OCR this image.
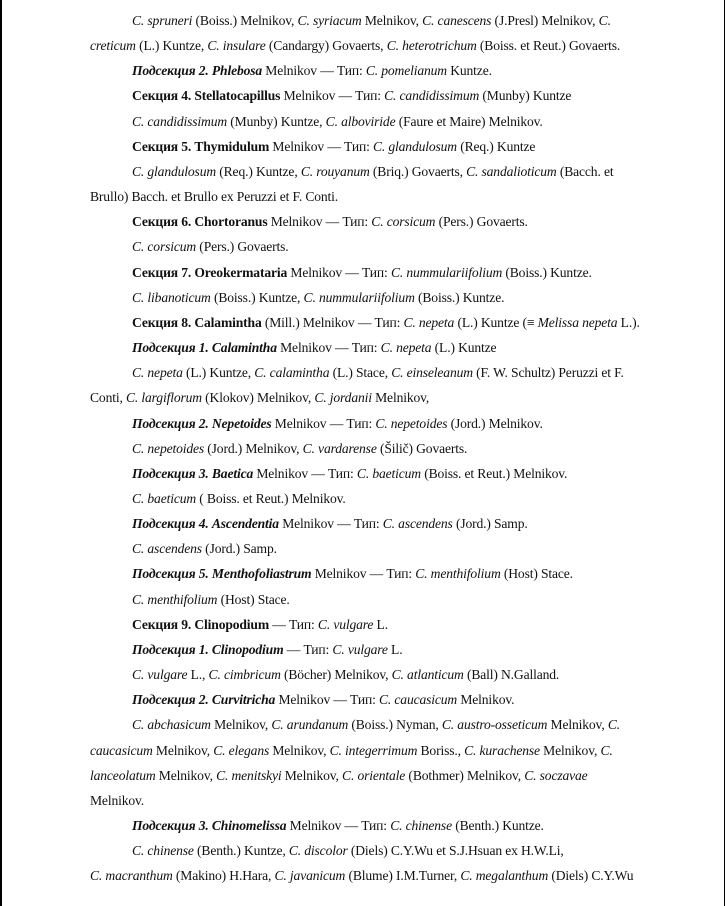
C. spruneri (Boiss.) Melnikov, C. syriacum Melnikov, C. canescens (J.Presl) Melnikov, C.
creticum (L.) Kuntze, C. insulare (Candargy) Govaerts, C. heterotrichum (Boiss. et Reut.) Govaerts.
Подсекция 2. Phlebosa Melnikov — Тип: C. pomelianum Kuntze.
Секция 4. Stellatocapillus Melnikov — Тип: C. candidissimum (Munby) Kuntze
C. candidissimum (Munby) Kuntze, C. alboviride (Faure et Maire) Melnikov.
Секция 5. Thymidulum Melnikov — Тип: C. glandulosum (Req.) Kuntze
C. glandulosum (Req.) Kuntze, C. rouyanum (Briq.) Govaerts, C. sandalioticum (Bacch. et
Brullo) Bacch. et Brullo ex Peruzzi et F. Conti.
Секция 6. Chortoranus Melnikov — Тип: C. corsicum (Pers.) Govaerts.
C. corsicum (Pers.) Govaerts.
Секция 7. Oreokermataria Melnikov — Тип: C. nummulariifolium (Boiss.) Kuntze.
C. libanoticum (Boiss.) Kuntze, C. nummulariifolium (Boiss.) Kuntze.
Секция 8. Calamintha (Mill.) Melnikov — Тип: C. nepeta (L.) Kuntze (≡ Melissa nepeta L.).
Подсекция 1. Calamintha Melnikov — Тип: C. nepeta (L.) Kuntze
C. nepeta (L.) Kuntze, C. calamintha (L.) Stace, C. einseleanum (F. W. Schultz) Peruzzi et F.
Conti, C. largiflorum (Klokov) Melnikov, C. jordanii Melnikov,
Подсекция 2. Nepetoides Melnikov — Тип: C. nepetoides (Jord.) Melnikov.
C. nepetoides (Jord.) Melnikov, C. vardarense (Šilič) Govaerts.
Подсекция 3. Baetica Melnikov — Тип: C. baeticum (Boiss. et Reut.) Melnikov.
C. baeticum ( Boiss. et Reut.) Melnikov.
Подсекция 4. Ascendentia Melnikov — Тип: C. ascendens (Jord.) Samp.
C. ascendens (Jord.) Samp.
Подсекция 5. Menthofoliastrum Melnikov — Тип: C. menthifolium (Host) Stace.
C. menthifolium (Host) Stace.
Секция 9. Clinopodium — Тип: C. vulgare L.
Подсекция 1. Clinopodium — Тип: C. vulgare L.
C. vulgare L., C. cimbricum (Böcher) Melnikov, C. atlanticum (Ball) N.Galland.
Подсекция 2. Curvitricha Melnikov — Тип: C. caucasicum Melnikov.
C. abchasicum Melnikov, C. arundanum (Boiss.) Nyman, C. austro-osseticum Melnikov, C.
caucasicum Melnikov, C. elegans Melnikov, C. integerrimum Boriss., C. kurachense Melnikov, C.
lanceolatum Melnikov, C. menitskyi Melnikov, C. orientale (Bothmer) Melnikov, C. soczavae
Melnikov.
Подсекция 3. Chinomelissa Melnikov — Тип: C. chinense (Benth.) Kuntze.
C. chinense (Benth.) Kuntze, C. discolor (Diels) C.Y.Wu et S.J.Hsuan ex H.W.Li,
C. macranthum (Makino) H.Hara, C. javanicum (Blume) I.M.Turner, C. megalanthum (Diels) C.Y.Wu
